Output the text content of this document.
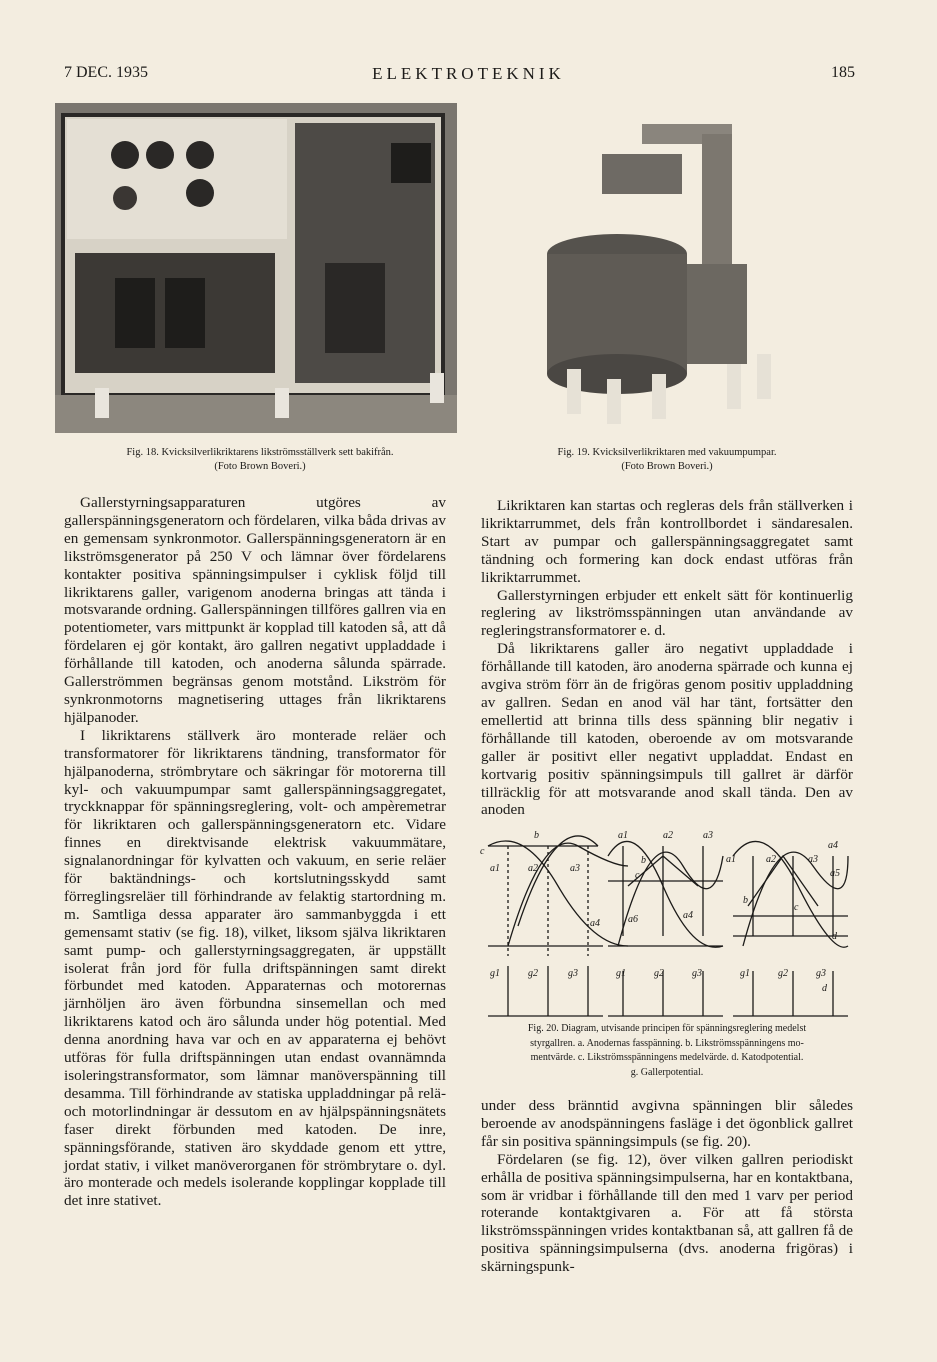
7 DEC. 1935	ELEKTROTEKNIK	185
Fig. 18. Kvicksilverlikriktarens likströmsställverk sett bakifrån.
(Foto Brown Boveri.)
Fig. 19. Kvicksilverlikriktaren med vakuumpumpar.
(Foto Brown Boveri.)

Gallerstyrningsapparaturen utgöres av gallerspänningsgeneratorn och fördelaren, vilka båda drivas av en gemensam synkronmotor. Gallerspänningsgeneratorn är en likströmsgenerator på 250 V och lämnar över fördelarens kontakter positiva spänningsimpulser i cyklisk följd till likriktarens galler, varigenom anoderna bringas att tända i motsvarande ordning. Gallerspänningen tillföres gallren via en potentiometer, vars mittpunkt är kopplad till katoden så, att då fördelaren ej gör kontakt, äro gallren negativt uppladdade i förhållande till katoden, och anoderna sålunda spärrade. Gallerströmmen begränsas genom motstånd. Likström för synkronmotorns magnetisering uttages från likriktarens hjälpanoder.

I likriktarens ställverk äro monterade reläer och transformatorer för likriktarens tändning, transformator för hjälpanoderna, strömbrytare och säkringar för motorerna till kyl- och vakuumpumpar samt gallerspänningsaggregatet, tryckknappar för spänningsreglering, volt- och ampèremetrar för likriktaren och gallerspänningsgeneratorn etc. Vidare finnes en direktvisande elektrisk vakuummätare, signalanordningar för kylvatten och vakuum, en serie reläer för baktändnings- och kortslutningsskydd samt förreglingsreläer till förhindrande av felaktig startordning m. m. Samtliga dessa apparater äro sammanbyggda i ett gemensamt stativ (se fig. 18), vilket, liksom själva likriktaren samt pump- och gallerstyrningsaggregaten, är uppställt isolerat från jord för fulla driftspänningen samt direkt förbundet med katoden. Apparaternas och motorernas järnhöljen äro även förbundna sinsemellan och med likriktarens katod och äro sålunda under hög potential. Med denna anordning hava var och en av apparaterna ej behövt utföras för fulla driftspänningen utan endast ovannämnda isoleringstransformator, som lämnar manöverspänning till desamma. Till förhindrande av statiska uppladdningar på relä- och motorlindningar är dessutom en av hjälpspänningsnätets faser direkt förbunden med katoden. De inre, spänningsförande, stativen äro skyddade genom ett yttre, jordat stativ, i vilket manöverorganen för strömbrytare o. dyl. äro monterade och medels isolerande kopplingar kopplade till det inre stativet.

Likriktaren kan startas och regleras dels från ställverken i likriktarrummet, dels från kontrollbordet i sändaresalen. Start av pumpar och gallerspänningsaggregatet samt tändning och formering kan dock endast utföras från likriktarrummet.

Gallerstyrningen erbjuder ett enkelt sätt för kontinuerlig reglering av likströmsspänningen utan användande av regleringstransformatorer e. d.

Då likriktarens galler äro negativt uppladdade i förhållande till katoden, äro anoderna spärrade och kunna ej avgiva ström förr än de frigöras genom positiv uppladdning av gallren. Sedan en anod väl har tänt, fortsätter den emellertid att brinna tills dess spänning blir negativ i förhållande till katoden, oberoende av om motsvarande galler är positivt eller negativt uppladdat. Endast en kortvarig positiv spänningsimpuls till gallret är därför tillräcklig för att motsvarande anod skall tända. Den av anoden

c
b
a1	a2	a3
a4
a1	a2	a3
b
c
a6	a4
a1	a2	a3
a4
a5
b
c
d
d
g1	g2	g3	g1	g2	g3	g1	g2	g3
Fig. 20. Diagram, utvisande principen för spänningsreglering medelst
styrgallren. a. Anodernas fasspänning. b. Likströmsspänningens mo-
mentvärde. c. Likströmsspänningens medelvärde. d. Katodpotential.
g. Gallerpotential.

under dess bränntid avgivna spänningen blir således beroende av anodspänningens fasläge i det ögonblick gallret får sin positiva spänningsimpuls (se fig. 20).

Fördelaren (se fig. 12), över vilken gallren periodiskt erhålla de positiva spänningsimpulserna, har en kontaktbana, som är vridbar i förhållande till den med 1 varv per period roterande kontaktgivaren a. För att få största likströmsspänningen vrides kontaktbanan så, att gallren få de positiva spänningsimpulserna (dvs. anoderna frigöras) i skärningspunk-
